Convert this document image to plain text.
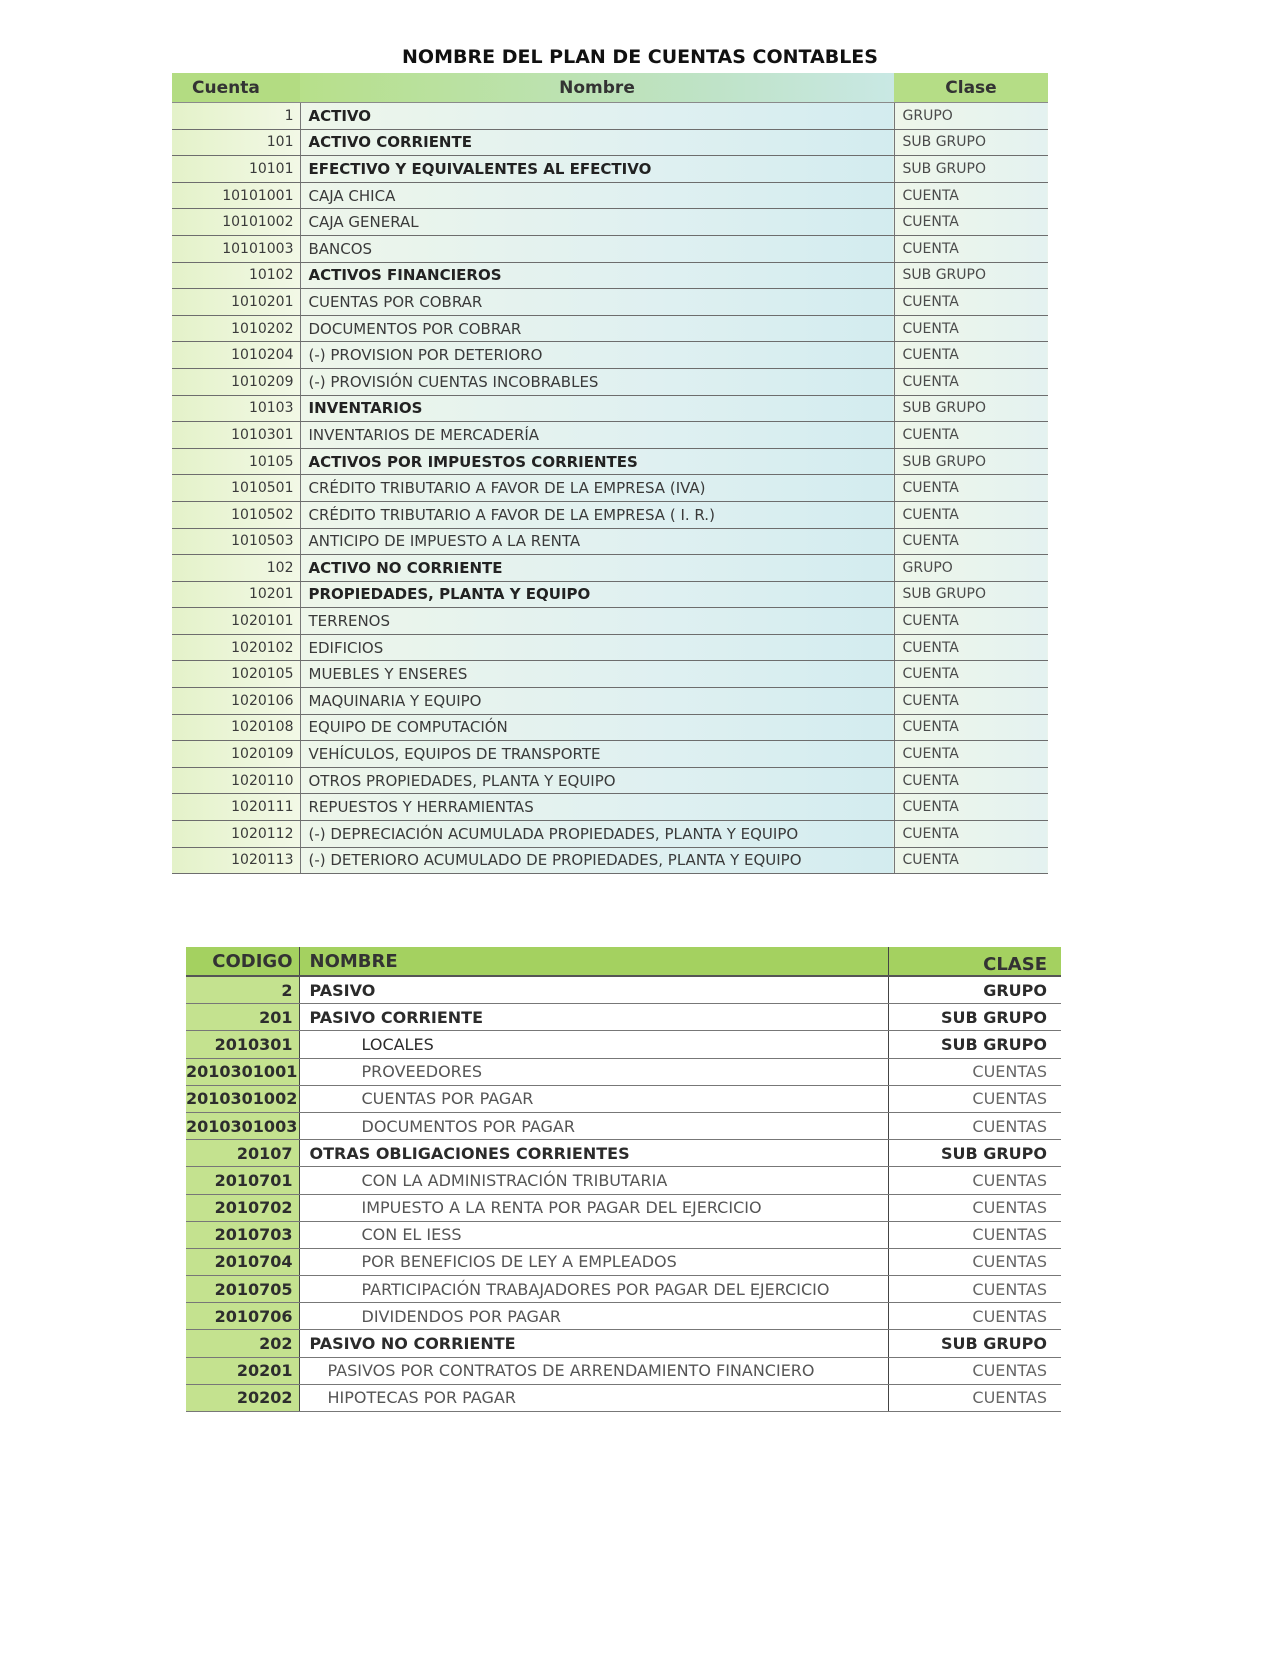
NOMBRE DEL PLAN DE CUENTAS CONTABLES
Cuenta	Nombre	Clase
1	ACTIVO	GRUPO
101	ACTIVO CORRIENTE	SUB GRUPO
10101	EFECTIVO Y EQUIVALENTES AL EFECTIVO	SUB GRUPO
10101001	CAJA CHICA	CUENTA
10101002	CAJA GENERAL	CUENTA
10101003	BANCOS	CUENTA
10102	ACTIVOS FINANCIEROS	SUB GRUPO
1010201	CUENTAS POR COBRAR	CUENTA
1010202	DOCUMENTOS POR COBRAR	CUENTA
1010204	(-) PROVISION POR DETERIORO	CUENTA
1010209	(-) PROVISIÓN CUENTAS INCOBRABLES	CUENTA
10103	INVENTARIOS	SUB GRUPO
1010301	INVENTARIOS DE MERCADERÍA	CUENTA
10105	ACTIVOS POR IMPUESTOS CORRIENTES	SUB GRUPO
1010501	CRÉDITO TRIBUTARIO A FAVOR DE LA EMPRESA (IVA)	CUENTA
1010502	CRÉDITO TRIBUTARIO A FAVOR DE LA EMPRESA ( I. R.)	CUENTA
1010503	ANTICIPO DE IMPUESTO A LA RENTA	CUENTA
102	ACTIVO NO CORRIENTE	GRUPO
10201	PROPIEDADES, PLANTA Y EQUIPO	SUB GRUPO
1020101	TERRENOS	CUENTA
1020102	EDIFICIOS	CUENTA
1020105	MUEBLES Y ENSERES	CUENTA
1020106	MAQUINARIA Y EQUIPO	CUENTA
1020108	EQUIPO DE COMPUTACIÓN	CUENTA
1020109	VEHÍCULOS, EQUIPOS DE TRANSPORTE	CUENTA
1020110	OTROS PROPIEDADES, PLANTA Y EQUIPO	CUENTA
1020111	REPUESTOS Y HERRAMIENTAS	CUENTA
1020112	(-) DEPRECIACIÓN ACUMULADA PROPIEDADES, PLANTA Y EQUIPO	CUENTA
1020113	(-) DETERIORO ACUMULADO DE PROPIEDADES, PLANTA Y EQUIPO	CUENTA
CODIGO	NOMBRE	CLASE
2	PASIVO	GRUPO
201	PASIVO CORRIENTE	SUB GRUPO
2010301	LOCALES	SUB GRUPO
2010301001	PROVEEDORES	CUENTAS
2010301002	CUENTAS POR PAGAR	CUENTAS
2010301003	DOCUMENTOS POR PAGAR	CUENTAS
20107	OTRAS OBLIGACIONES CORRIENTES	SUB GRUPO
2010701	CON LA ADMINISTRACIÓN TRIBUTARIA	CUENTAS
2010702	IMPUESTO A LA RENTA POR PAGAR DEL EJERCICIO	CUENTAS
2010703	CON EL IESS	CUENTAS
2010704	POR BENEFICIOS DE LEY A EMPLEADOS	CUENTAS
2010705	PARTICIPACIÓN TRABAJADORES POR PAGAR DEL EJERCICIO	CUENTAS
2010706	DIVIDENDOS POR PAGAR	CUENTAS
202	PASIVO NO CORRIENTE	SUB GRUPO
20201	PASIVOS POR CONTRATOS DE ARRENDAMIENTO FINANCIERO	CUENTAS
20202	HIPOTECAS POR PAGAR	CUENTAS
